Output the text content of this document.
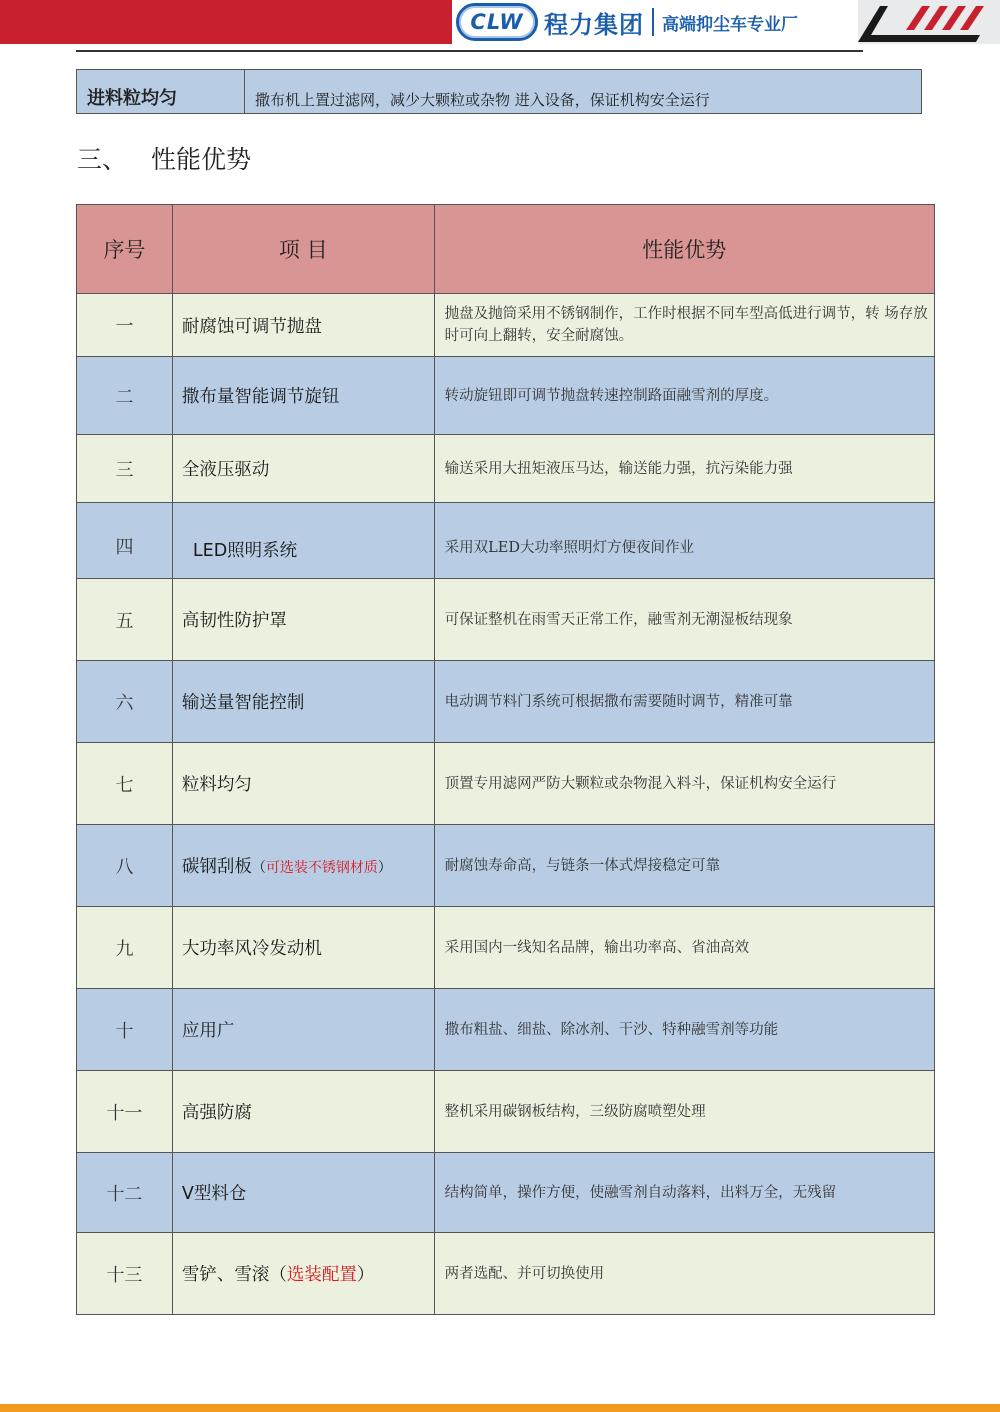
CLW 程力集团 高端抑尘车专业厂
进料粒均匀	撒布机上置过滤网，减少大颗粒或杂物 进入设备，保证机构安全运行
三、 性能优势
序号	项 目	性能优势
一	耐腐蚀可调节抛盘	抛盘及抛筒采用不锈钢制作，工作时根据不同车型高低进行调节，转 场存放时可向上翻转，安全耐腐蚀。
二	撒布量智能调节旋钮	转动旋钮即可调节抛盘转速控制路面融雪剂的厚度。
三	全液压驱动	输送采用大扭矩液压马达，输送能力强，抗污染能力强
四	LED照明系统	采用双LED大功率照明灯方便夜间作业
五	高韧性防护罩	可保证整机在雨雪天正常工作，融雪剂无潮湿板结现象
六	输送量智能控制	电动调节料门系统可根据撒布需要随时调节，精准可靠
七	粒料均匀	顶置专用滤网严防大颗粒或杂物混入料斗，保证机构安全运行
八	碳钢刮板（可选装不锈钢材质）	耐腐蚀寿命高，与链条一体式焊接稳定可靠
九	大功率风冷发动机	采用国内一线知名品牌，输出功率高、省油高效
十	应用广	撒布粗盐、细盐、除冰剂、干沙、特种融雪剂等功能
十一	高强防腐	整机采用碳钢板结构，三级防腐喷塑处理
十二	V型料仓	结构简单，操作方便，使融雪剂自动落料，出料万全，无残留
十三	雪铲、雪滚（选装配置）	两者选配、并可切换使用
